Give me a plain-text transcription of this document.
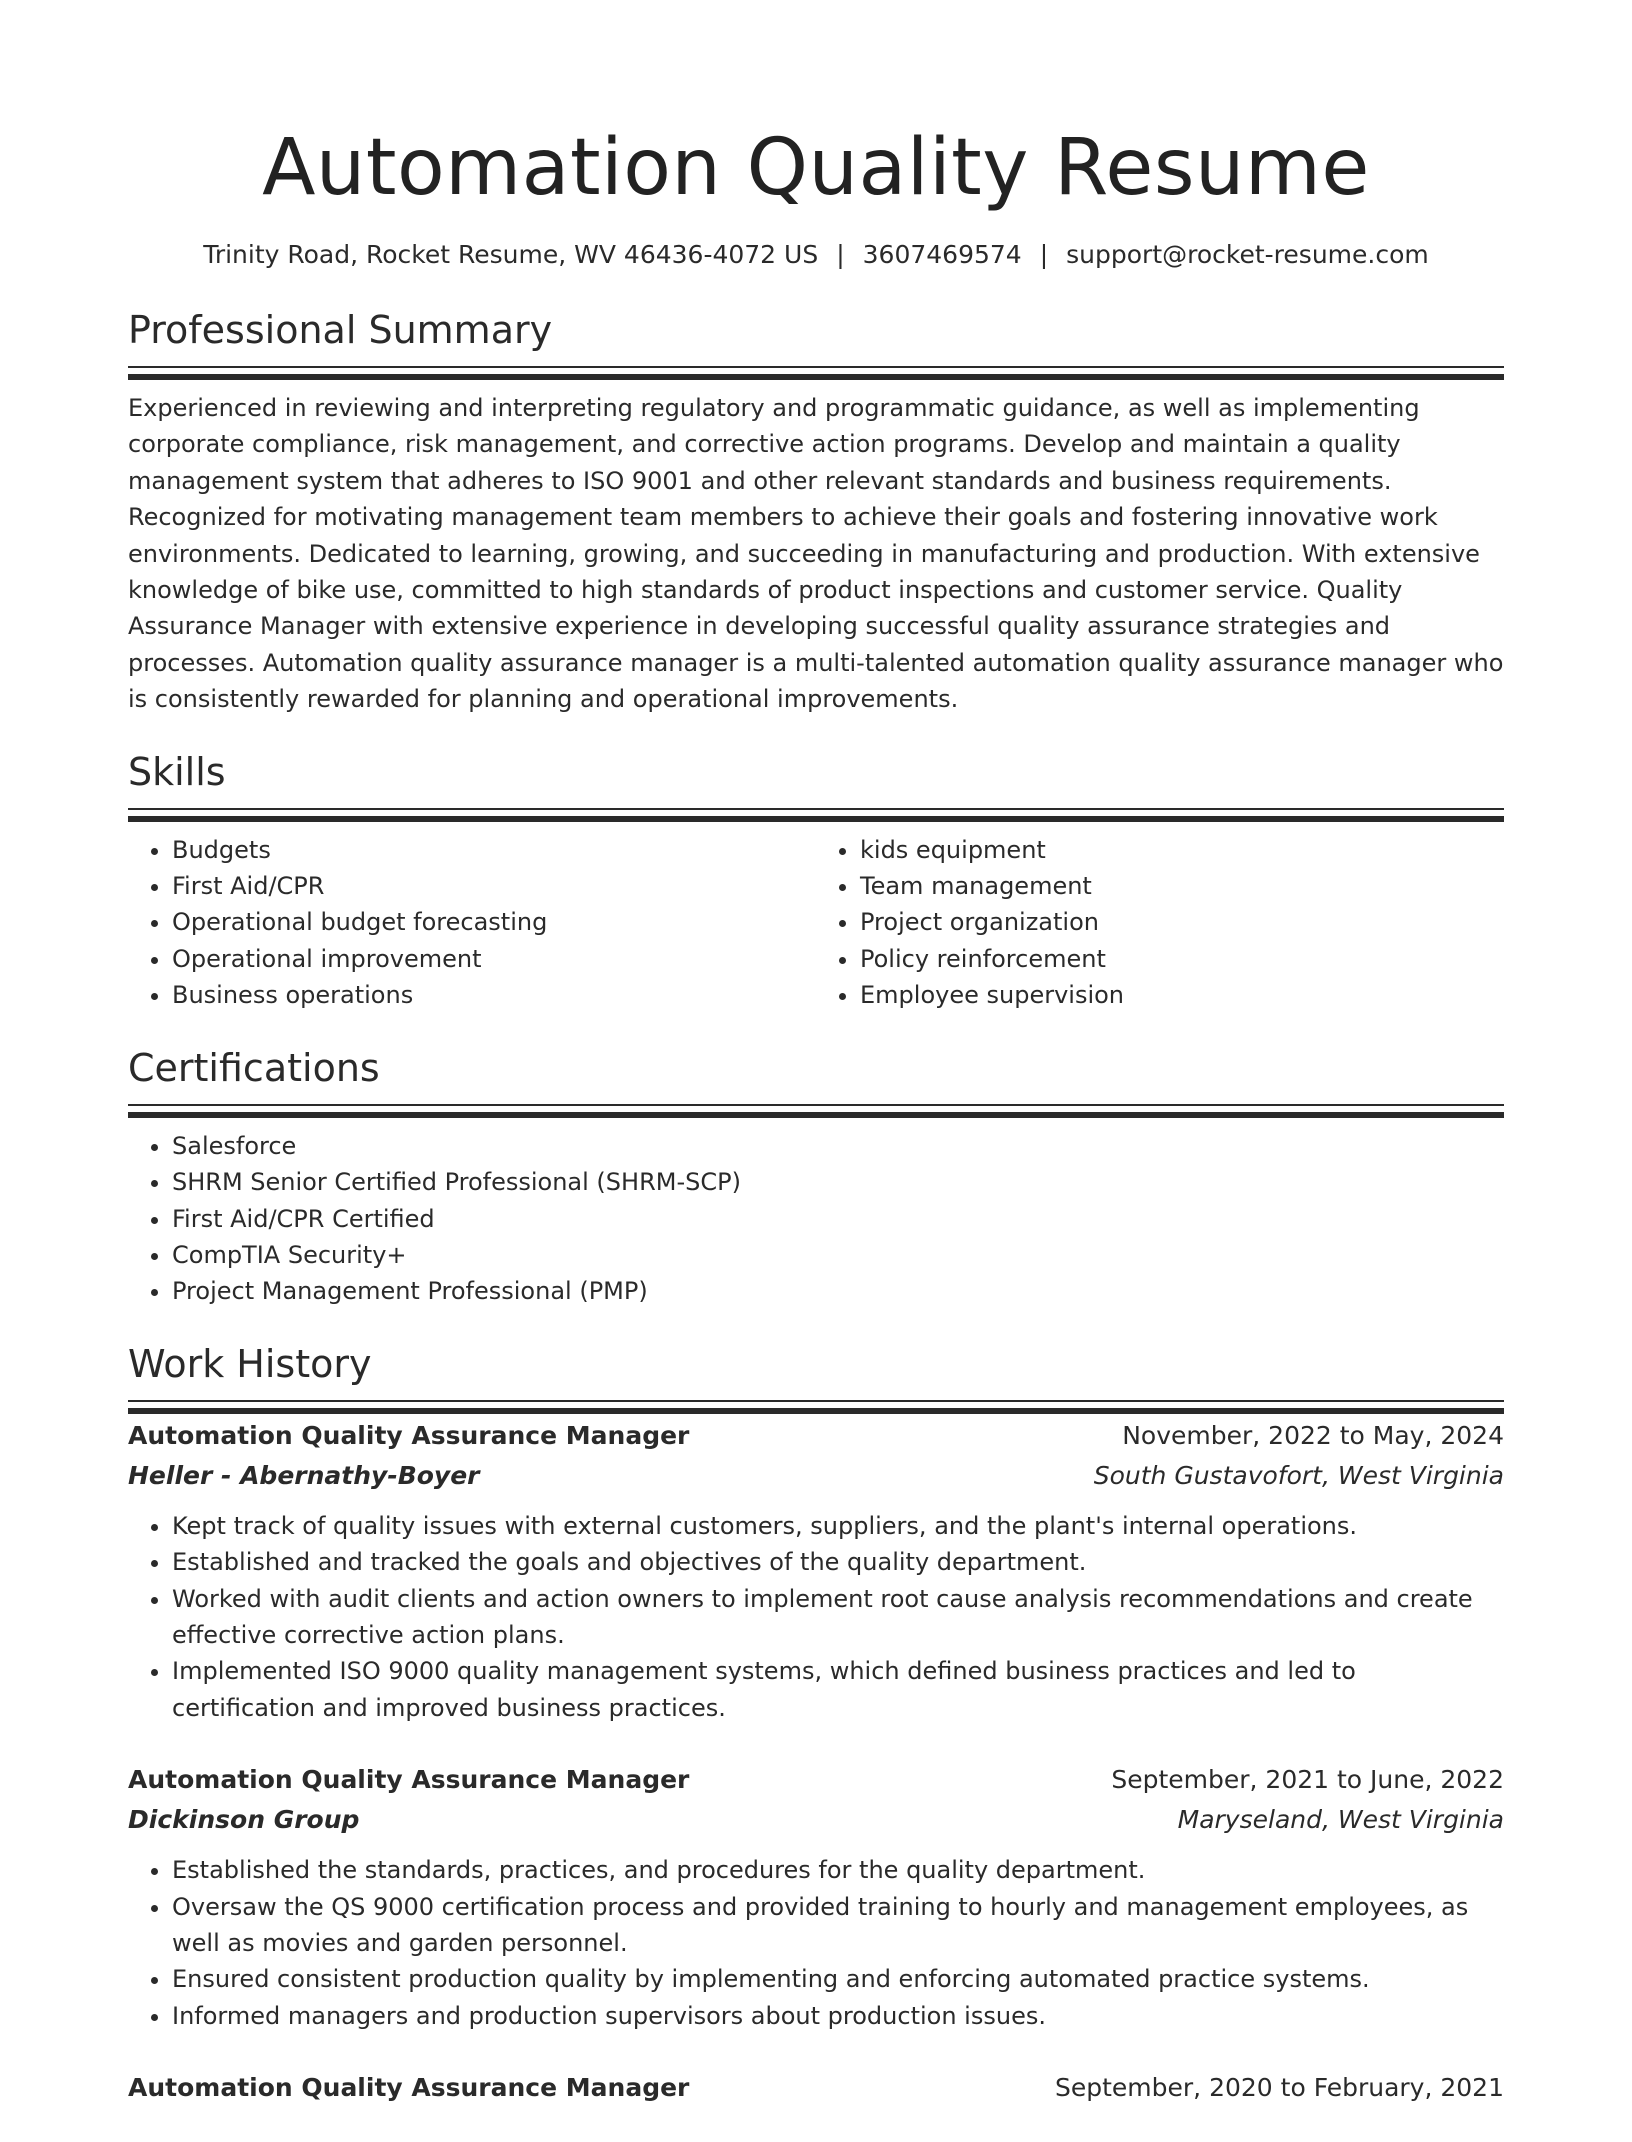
Automation Quality Resume
Trinity Road, Rocket Resume, WV 46436-4072 US | 3607469574 | support@rocket-resume.com
Professional Summary

Experienced in reviewing and interpreting regulatory and programmatic guidance, as well as implementing corporate compliance, risk management, and corrective action programs. Develop and maintain a quality management system that adheres to ISO 9001 and other relevant standards and business requirements. Recognized for motivating management team members to achieve their goals and fostering innovative work environments. Dedicated to learning, growing, and succeeding in manufacturing and production. With extensive knowledge of bike use, committed to high standards of product inspections and customer service. Quality Assurance Manager with extensive experience in developing successful quality assurance strategies and processes. Automation quality assurance manager is a multi-talented automation quality assurance manager who is consistently rewarded for planning and operational improvements.

Skills
• Budgets
• First Aid/CPR
• Operational budget forecasting
• Operational improvement
• Business operations
• kids equipment
• Team management
• Project organization
• Policy reinforcement
• Employee supervision
Certifications
• Salesforce
• SHRM Senior Certified Professional (SHRM-SCP)
• First Aid/CPR Certified
• CompTIA Security+
• Project Management Professional (PMP)
Work History
Automation Quality Assurance Manager	November, 2022 to May, 2024
Heller - Abernathy-Boyer	South Gustavofort, West Virginia
• Kept track of quality issues with external customers, suppliers, and the plant's internal operations.
• Established and tracked the goals and objectives of the quality department.
• Worked with audit clients and action owners to implement root cause analysis recommendations and create effective corrective action plans.
• Implemented ISO 9000 quality management systems, which defined business practices and led to certification and improved business practices.
Automation Quality Assurance Manager	September, 2021 to June, 2022
Dickinson Group	Maryseland, West Virginia
• Established the standards, practices, and procedures for the quality department.
• Oversaw the QS 9000 certification process and provided training to hourly and management employees, as well as movies and garden personnel.
• Ensured consistent production quality by implementing and enforcing automated practice systems.
• Informed managers and production supervisors about production issues.
Automation Quality Assurance Manager	September, 2020 to February, 2021
